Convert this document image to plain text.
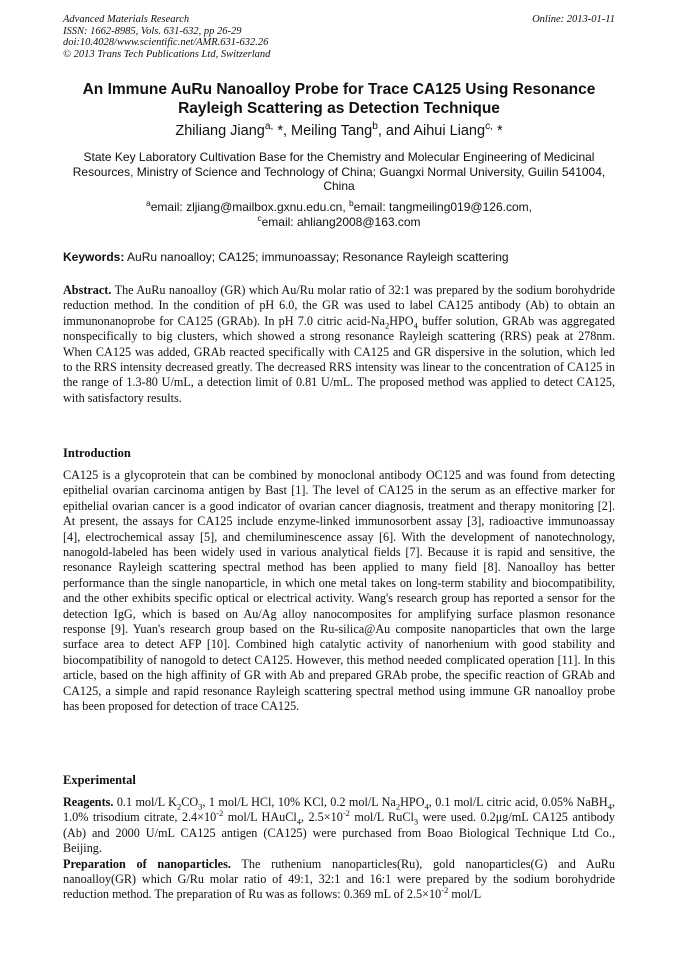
Advanced Materials Research
ISSN: 1662-8985, Vols. 631-632, pp 26-29
doi:10.4028/www.scientific.net/AMR.631-632.26
© 2013 Trans Tech Publications Ltd, Switzerland
Online: 2013-01-11
An Immune AuRu Nanoalloy Probe for Trace CA125 Using Resonance
Rayleigh Scattering as Detection Technique
Zhiliang Jiang$^{a,}$ *, Meiling Tang$^b$, and Aihui Liang$^{c,}$ *
State Key Laboratory Cultivation Base for the Chemistry and Molecular Engineering of Medicinal Resources, Ministry of Science and Technology of China; Guangxi Normal University, Guilin 541004, China
$^a$email: zljiang@mailbox.gxnu.edu.cn, $^b$email: tangmeiling019@126.com,
$^c$email: ahliang2008@163.com
Keywords: AuRu nanoalloy; CA125; immunoassay; Resonance Rayleigh scattering
Abstract. The AuRu nanoalloy (GR) which Au/Ru molar ratio of 32:1 was prepared by the sodium borohydride reduction method. In the condition of pH 6.0, the GR was used to label CA125 antibody (Ab) to obtain an immunonanoprobe for CA125 (GRAb). In pH 7.0 citric acid-$Na_2HPO_4$ buffer solution, GRAb was aggregated nonspecifically to big clusters, which showed a strong resonance Rayleigh scattering (RRS) peak at 278nm. When CA125 was added, GRAb reacted specifically with CA125 and GR dispersive in the solution, which led to the RRS intensity decreased greatly. The decreased RRS intensity was linear to the concentration of CA125 in the range of 1.3-80 U/mL, a detection limit of 0.81 U/mL. The proposed method was applied to detect CA125, with satisfactory results.
Introduction
CA125 is a glycoprotein that can be combined by monoclonal antibody OC125 and was found from detecting epithelial ovarian carcinoma antigen by Bast [1]. The level of CA125 in the serum as an effective marker for epithelial ovarian cancer is a good indicator of ovarian cancer diagnosis, treatment and therapy monitoring [2]. At present, the assays for CA125 include enzyme-linked immunosorbent assay [3], radioactive immunoassay [4], electrochemical assay [5], and chemiluminescence assay [6]. With the development of nanotechnology, nanogold-labeled has been widely used in various analytical fields [7]. Because it is rapid and sensitive, the resonance Rayleigh scattering spectral method has been applied to many field [8]. Nanoalloy has better performance than the single nanoparticle, in which one metal takes on long-term stability and biocompatibility, and the other exhibits specific optical or electrical activity. Wang's research group has reported a sensor for the detection IgG, which is based on Au/Ag alloy nanocomposites for amplifying surface plasmon resonance response [9]. Yuan's research group based on the Ru-silica@Au composite nanoparticles that own the large surface area to detect AFP [10]. Combined high catalytic activity of nanorhenium with good stability and biocompatibility of nanogold to detect CA125. However, this method needed complicated operation [11]. In this article, based on the high affinity of GR with Ab and prepared GRAb probe, the specific reaction of GRAb and CA125, a simple and rapid resonance Rayleigh scattering spectral method using immune GR nanoalloy probe has been proposed for detection of trace CA125.
Experimental

Reagents. 0.1 mol/L $K_2CO_3$, 1 mol/L HCl, 10% KCl, 0.2 mol/L $Na_2HPO_4$, 0.1 mol/L citric acid, 0.05% NaBH$_4$, 1.0% trisodium citrate, $2.4\times 10^{-2}$ mol/L HAuCl$_4$, $2.5\times 10^{-2}$ mol/L RuCl$_3$ were used. 0.2μg/mL CA125 antibody (Ab) and 2000 U/mL CA125 antigen (CA125) were purchased from Boao Biological Technique Ltd Co., Beijing.

Preparation of nanoparticles. The ruthenium nanoparticles(Ru), gold nanoparticles(G) and AuRu nanoalloy(GR) which G/Ru molar ratio of 49:1, 32:1 and 16:1 were prepared by the sodium borohydride reduction method. The preparation of Ru was as follows: 0.369 mL of $2.5\times 10^{-2}$ mol/L
